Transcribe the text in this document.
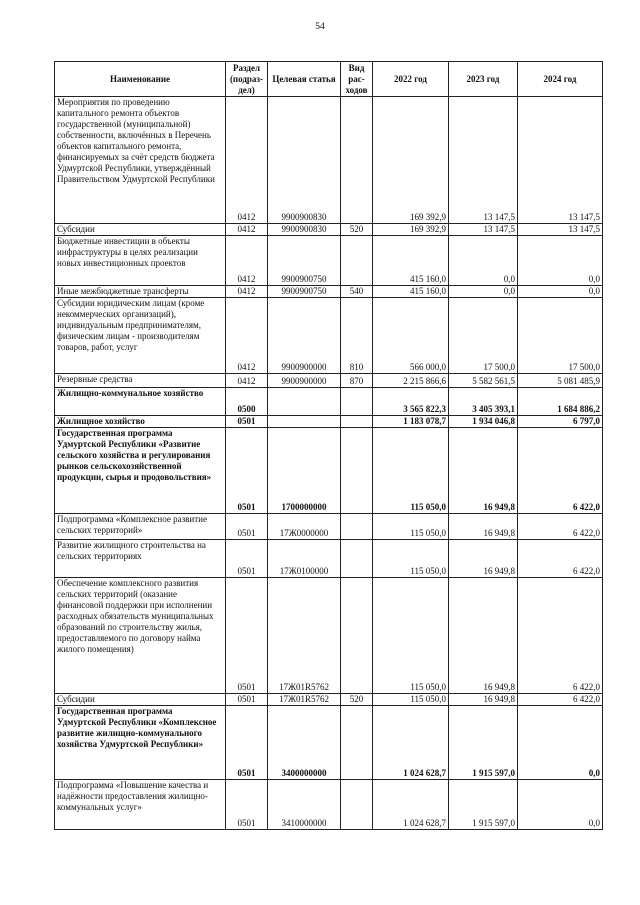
54
Наименование	Раздел (подраз-дел)	Целевая статья	Вид рас-ходов	2022 год	2023 год	2024 год
Мероприятия по проведению капитального ремонта объектов государственной (муниципальной) собственности, включённых в Перечень объектов капитального ремонта, финансируемых за счёт средств бюджета Удмуртской Республики, утверждённый Правительством Удмуртской Республики	0412	9900900830		169 392,9	13 147,5	13 147,5
Субсидии	0412	9900900830	520	169 392,9	13 147,5	13 147,5
Бюджетные инвестиции в объекты инфраструктуры в целях реализации новых инвестиционных проектов	0412	9900900750		415 160,0	0,0	0,0
Иные межбюджетные трансферты	0412	9900900750	540	415 160,0	0,0	0,0
Субсидии юридическим лицам (кроме некоммерческих организаций), индивидуальным предпринимателям, физическим лицам - производителям товаров, работ, услуг	0412	9900900000	810	566 000,0	17 500,0	17 500,0
Резервные средства	0412	9900900000	870	2 215 866,6	5 582 561,5	5 081 485,9
Жилищно-коммунальное хозяйство	0500			3 565 822,3	3 405 393,1	1 684 886,2
Жилищное хозяйство	0501			1 183 078,7	1 934 046,8	6 797,0
Государственная программа Удмуртской Республики «Развитие сельского хозяйства и регулирования рынков сельскохозяйственной продукции, сырья и продовольствия»	0501	1700000000		115 050,0	16 949,8	6 422,0
Подпрограмма «Комплексное развитие сельских территорий»	0501	17Ж0000000		115 050,0	16 949,8	6 422,0
Развитие жилищного строительства на сельских территориях	0501	17Ж0100000		115 050,0	16 949,8	6 422,0
Обеспечение комплексного развития сельских территорий (оказание финансовой поддержки при исполнении расходных обязательств муниципальных образований по строительству жилья, предоставляемого по договору найма жилого помещения)	0501	17Ж01R5762		115 050,0	16 949,8	6 422,0
Субсидии	0501	17Ж01R5762	520	115 050,0	16 949,8	6 422,0
Государственная программа Удмуртской Республики «Комплексное развитие жилищно-коммунального хозяйства Удмуртской Республики»	0501	3400000000		1 024 628,7	1 915 597,0	0,0
Подпрограмма «Повышение качества и надёжности предоставления жилищно-коммунальных услуг»	0501	3410000000		1 024 628,7	1 915 597,0	0,0
